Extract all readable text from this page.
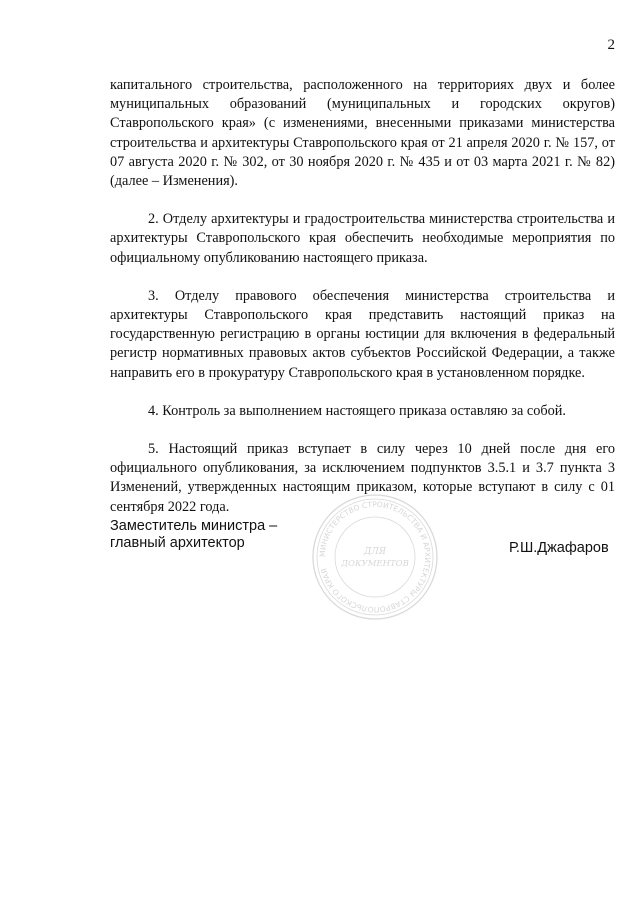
2

капитального строительства, расположенного на территориях двух и более муниципальных образований (муниципальных и городских округов) Ставропольского края» (с изменениями, внесенными приказами министерства строительства и архитектуры Ставропольского края от 21 апреля 2020 г. № 157, от 07 августа 2020 г. № 302, от 30 ноября 2020 г. № 435 и от 03 марта 2021 г. № 82) (далее – Изменения).

2. Отделу архитектуры и градостроительства министерства строительства и архитектуры Ставропольского края обеспечить необходимые мероприятия по официальному опубликованию настоящего приказа.

3. Отделу правового обеспечения министерства строительства и архитектуры Ставропольского края представить настоящий приказ на государственную регистрацию в органы юстиции для включения в федеральный регистр нормативных правовых актов субъектов Российской Федерации, а также направить его в прокуратуру Ставропольского края в установленном порядке.

4. Контроль за выполнением настоящего приказа оставляю за собой.

5. Настоящий приказ вступает в силу через 10 дней после дня его официального опубликования, за исключением подпунктов 3.5.1 и 3.7 пункта 3 Изменений, утвержденных настоящим приказом, которые вступают в силу с 01 сентября 2022 года.

Заместитель министра –
главный архитектор	Р.Ш.Джафаров
МИНИСТЕРСТВО СТРОИТЕЛЬСТВА И АРХИТЕКТУРЫ СТАВРОПОЛЬСКОГО КРАЯ
ДЛЯ
ДОКУМЕНТОВ
